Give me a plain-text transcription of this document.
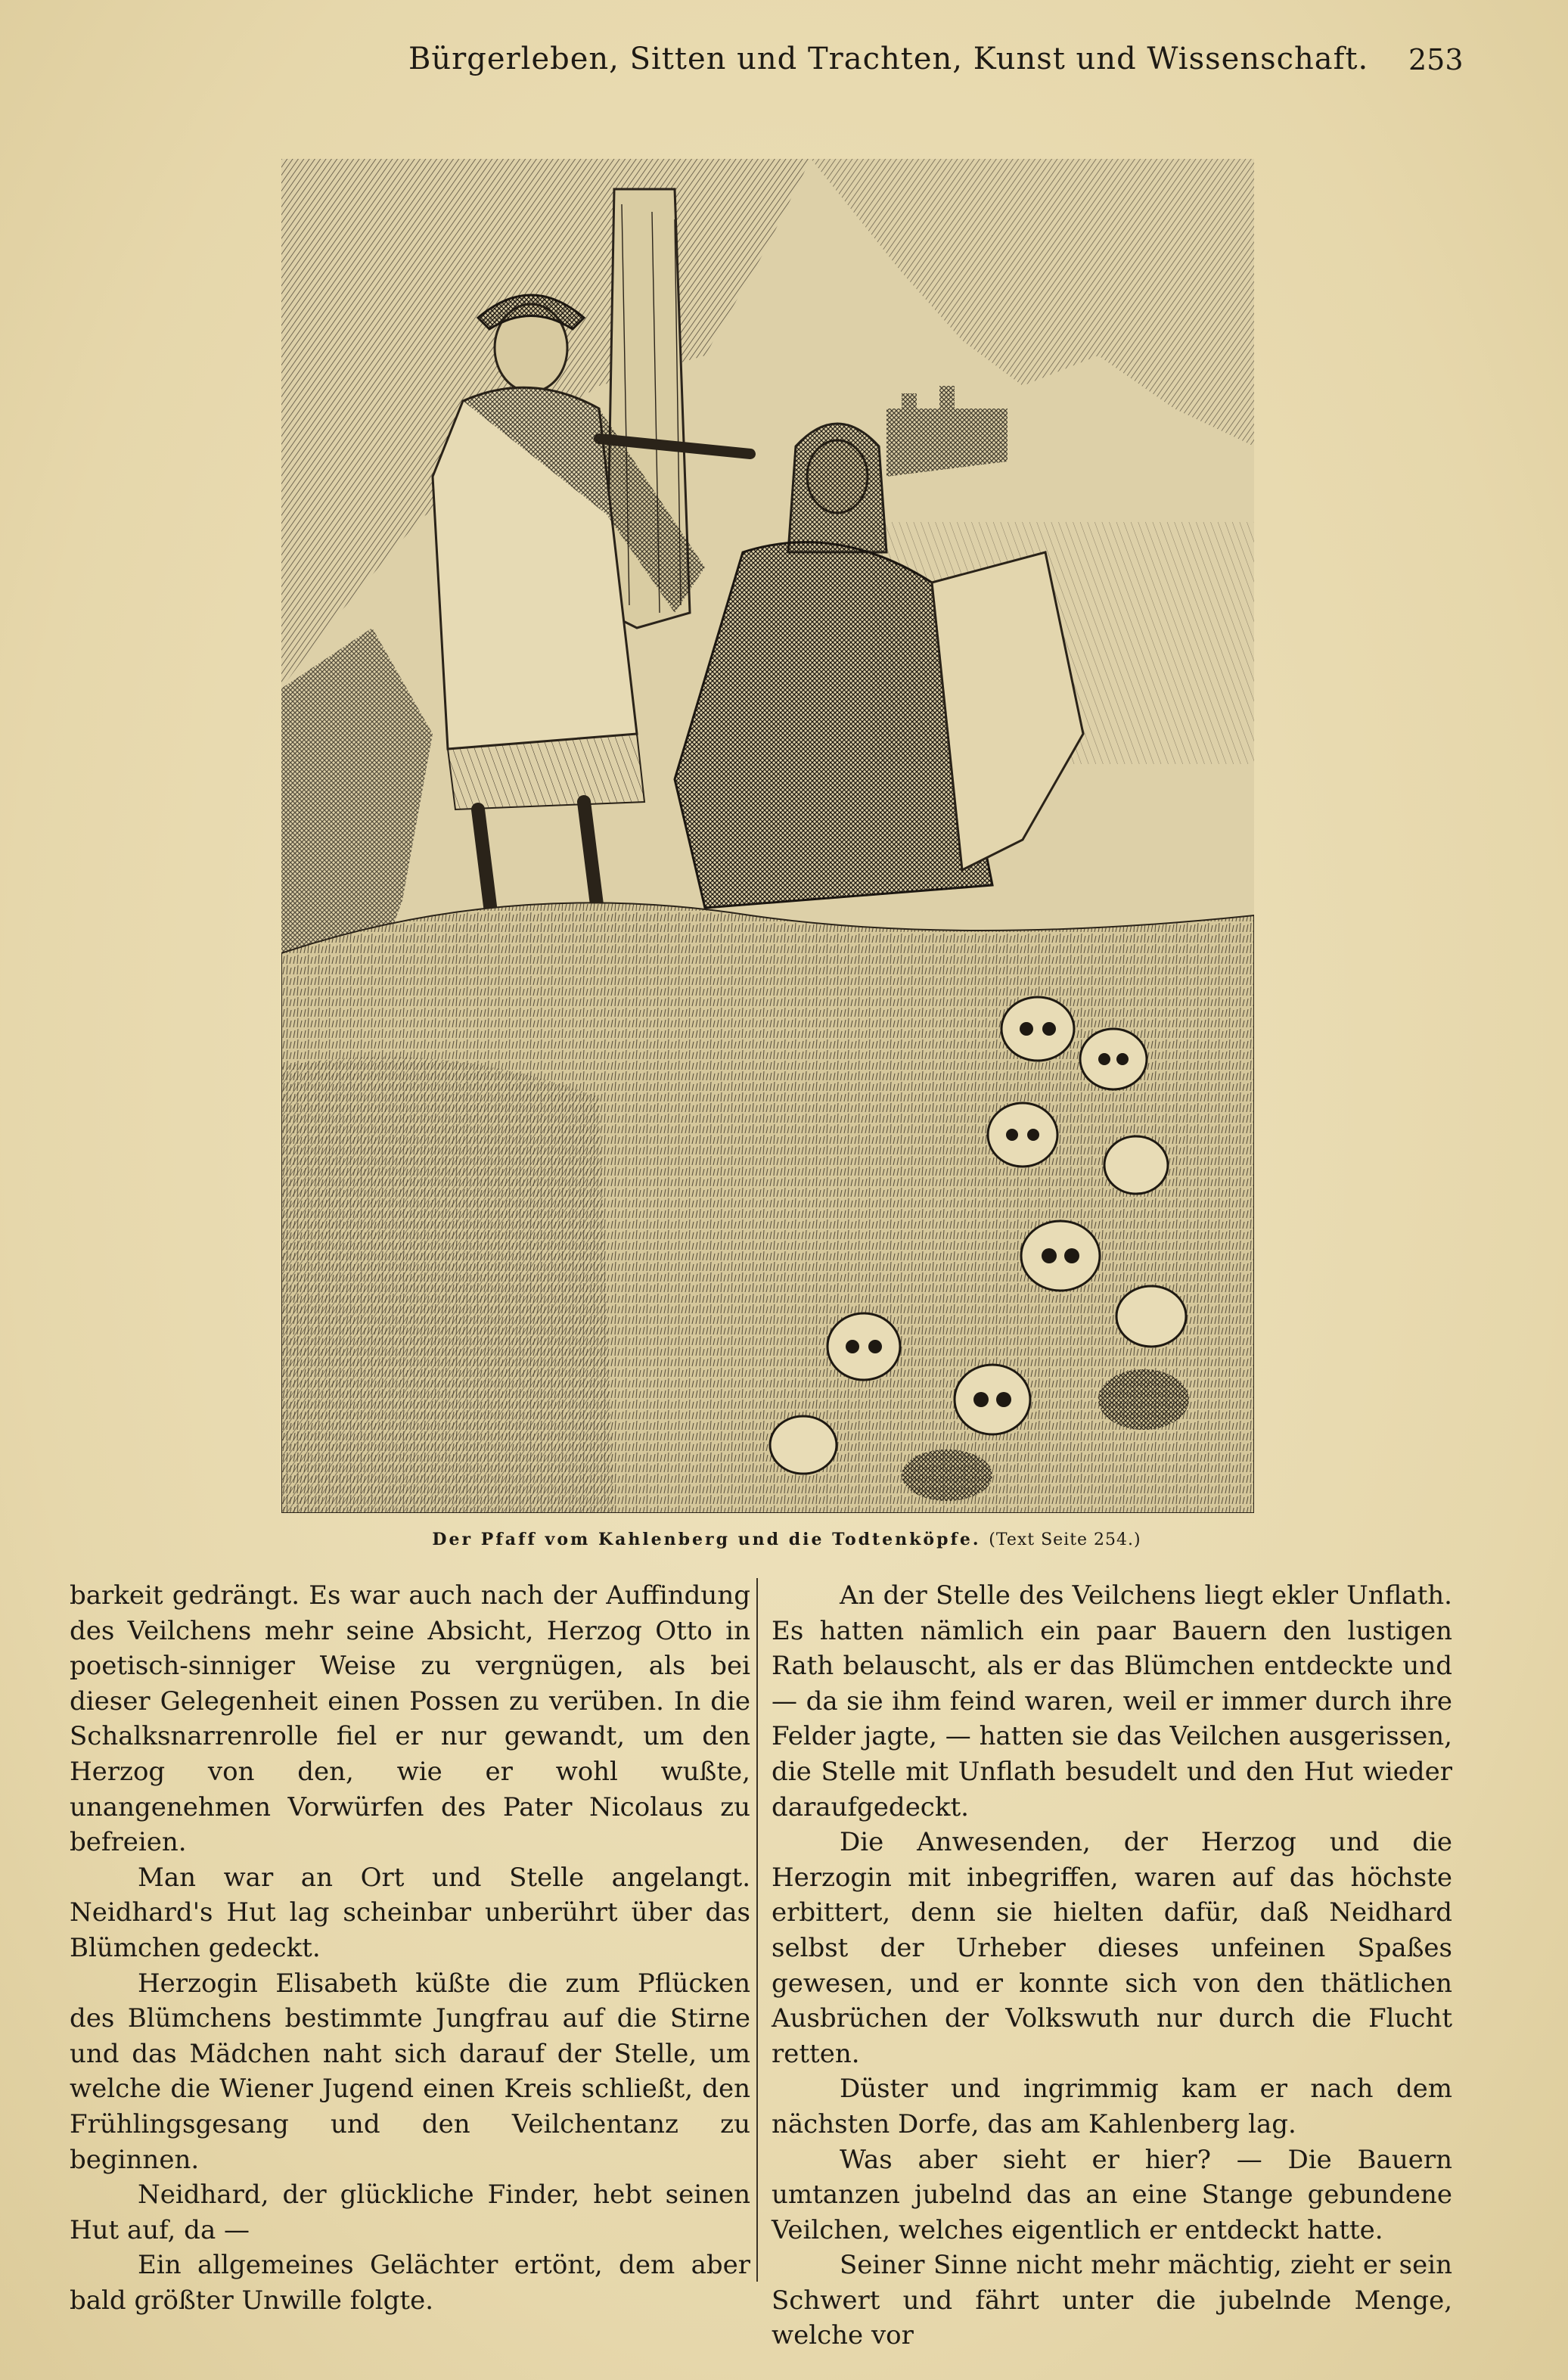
Bürgerleben, Sitten und Trachten, Kunst und Wissenschaft. 253
Der Pfaff vom Kahlenberg und die Todtenköpfe. (Text Seite 254.)

barkeit gedrängt. Es war auch nach der Auffindung des Veilchens mehr seine Absicht, Herzog Otto in poetisch-sinniger Weise zu vergnügen, als bei dieser Gelegenheit einen Possen zu verüben. In die Schalksnarrenrolle fiel er nur gewandt, um den Herzog von den, wie er wohl wußte, unangenehmen Vorwürfen des Pater Nicolaus zu befreien.

Man war an Ort und Stelle angelangt. Neidhard's Hut lag scheinbar unberührt über das Blümchen gedeckt.

Herzogin Elisabeth küßte die zum Pflücken des Blümchens bestimmte Jungfrau auf die Stirne und das Mädchen naht sich darauf der Stelle, um welche die Wiener Jugend einen Kreis schließt, den Frühlingsgesang und den Veilchentanz zu beginnen.

Neidhard, der glückliche Finder, hebt seinen Hut auf, da —

Ein allgemeines Gelächter ertönt, dem aber bald größter Unwille folgte.

An der Stelle des Veilchens liegt ekler Unflath. Es hatten nämlich ein paar Bauern den lustigen Rath belauscht, als er das Blümchen entdeckte und — da sie ihm feind waren, weil er immer durch ihre Felder jagte, — hatten sie das Veilchen ausgerissen, die Stelle mit Unflath besudelt und den Hut wieder daraufgedeckt.

Die Anwesenden, der Herzog und die Herzogin mit inbegriffen, waren auf das höchste erbittert, denn sie hielten dafür, daß Neidhard selbst der Urheber dieses unfeinen Spaßes gewesen, und er konnte sich von den thätlichen Ausbrüchen der Volkswuth nur durch die Flucht retten.

Düster und ingrimmig kam er nach dem nächsten Dorfe, das am Kahlenberg lag.

Was aber sieht er hier? — Die Bauern umtanzen jubelnd das an eine Stange gebundene Veilchen, welches eigentlich er entdeckt hatte.

Seiner Sinne nicht mehr mächtig, zieht er sein Schwert und fährt unter die jubelnde Menge, welche vor
